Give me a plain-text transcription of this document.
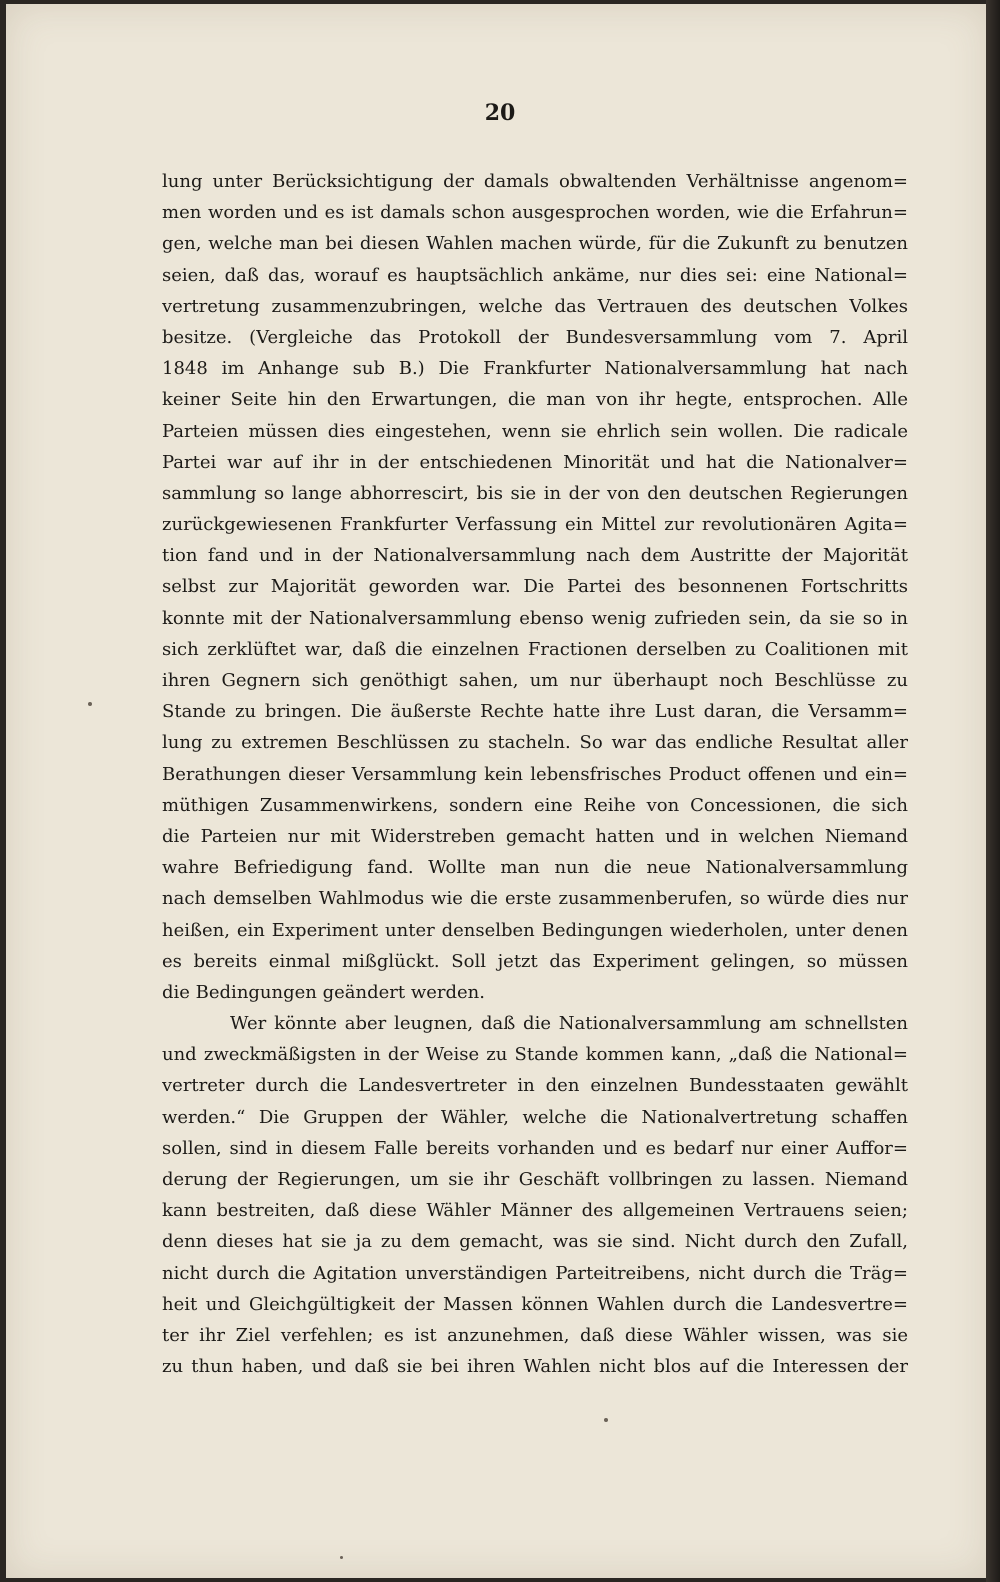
20
lung unter Berücksichtigung der damals obwaltenden Verhältnisse angenom=
men worden und es ist damals schon ausgesprochen worden, wie die Erfahrun=
gen, welche man bei diesen Wahlen machen würde, für die Zukunft zu benutzen
seien, daß das, worauf es hauptsächlich ankäme, nur dies sei: eine National=
vertretung zusammenzubringen, welche das Vertrauen des deutschen Volkes
besitze. (Vergleiche das Protokoll der Bundesversammlung vom 7. April
1848 im Anhange sub B.) Die Frankfurter Nationalversammlung hat nach
keiner Seite hin den Erwartungen, die man von ihr hegte, entsprochen. Alle
Parteien müssen dies eingestehen, wenn sie ehrlich sein wollen. Die radicale
Partei war auf ihr in der entschiedenen Minorität und hat die Nationalver=
sammlung so lange abhorrescirt, bis sie in der von den deutschen Regierungen
zurückgewiesenen Frankfurter Verfassung ein Mittel zur revolutionären Agita=
tion fand und in der Nationalversammlung nach dem Austritte der Majorität
selbst zur Majorität geworden war. Die Partei des besonnenen Fortschritts
konnte mit der Nationalversammlung ebenso wenig zufrieden sein, da sie so in
sich zerklüftet war, daß die einzelnen Fractionen derselben zu Coalitionen mit
ihren Gegnern sich genöthigt sahen, um nur überhaupt noch Beschlüsse zu
Stande zu bringen. Die äußerste Rechte hatte ihre Lust daran, die Versamm=
lung zu extremen Beschlüssen zu stacheln. So war das endliche Resultat aller
Berathungen dieser Versammlung kein lebensfrisches Product offenen und ein=
müthigen Zusammenwirkens, sondern eine Reihe von Concessionen, die sich
die Parteien nur mit Widerstreben gemacht hatten und in welchen Niemand
wahre Befriedigung fand. Wollte man nun die neue Nationalversammlung
nach demselben Wahlmodus wie die erste zusammenberufen, so würde dies nur
heißen, ein Experiment unter denselben Bedingungen wiederholen, unter denen
es bereits einmal mißglückt. Soll jetzt das Experiment gelingen, so müssen
die Bedingungen geändert werden.
Wer könnte aber leugnen, daß die Nationalversammlung am schnellsten
und zweckmäßigsten in der Weise zu Stande kommen kann, „daß die National=
vertreter durch die Landesvertreter in den einzelnen Bundesstaaten gewählt
werden.“ Die Gruppen der Wähler, welche die Nationalvertretung schaffen
sollen, sind in diesem Falle bereits vorhanden und es bedarf nur einer Auffor=
derung der Regierungen, um sie ihr Geschäft vollbringen zu lassen. Niemand
kann bestreiten, daß diese Wähler Männer des allgemeinen Vertrauens seien;
denn dieses hat sie ja zu dem gemacht, was sie sind. Nicht durch den Zufall,
nicht durch die Agitation unverständigen Parteitreibens, nicht durch die Träg=
heit und Gleichgültigkeit der Massen können Wahlen durch die Landesvertre=
ter ihr Ziel verfehlen; es ist anzunehmen, daß diese Wähler wissen, was sie
zu thun haben, und daß sie bei ihren Wahlen nicht blos auf die Interessen der
